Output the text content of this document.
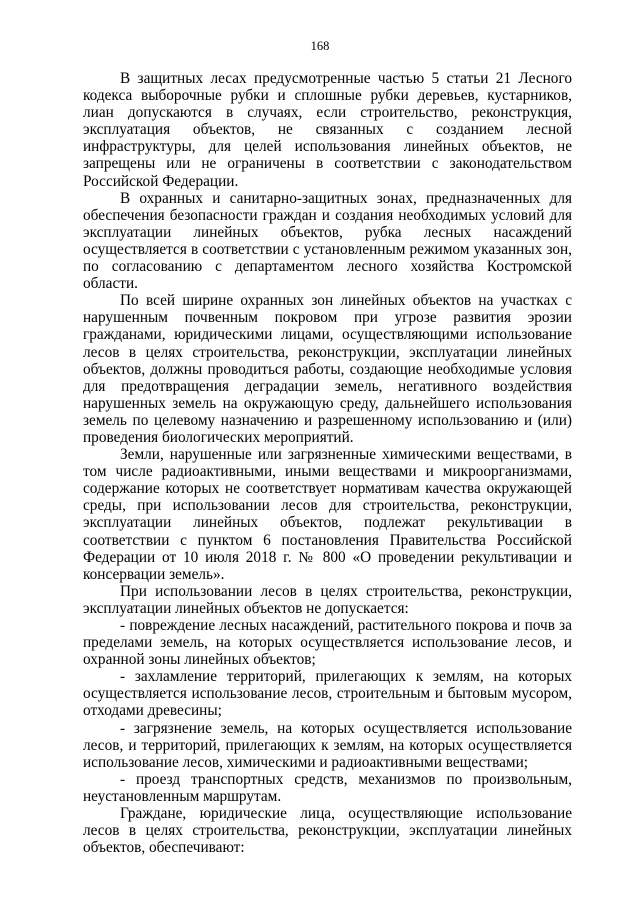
168

В защитных лесах предусмотренные частью 5 статьи 21 Лесного кодекса выборочные рубки и сплошные рубки деревьев, кустарников, лиан допускаются в случаях, если строительство, реконструкция, эксплуатация объектов, не связанных с созданием лесной инфраструктуры, для целей использования линейных объектов, не запрещены или не ограничены в соответствии с законодательством Российской Федерации.

В охранных и санитарно-защитных зонах, предназначенных для обеспечения безопасности граждан и создания необходимых условий для эксплуатации линейных объектов, рубка лесных насаждений осуществляется в соответствии с установленным режимом указанных зон, по согласованию с департаментом лесного хозяйства Костромской области.

По всей ширине охранных зон линейных объектов на участках с нарушенным почвенным покровом при угрозе развития эрозии гражданами, юридическими лицами, осуществляющими использование лесов в целях строительства, реконструкции, эксплуатации линейных объектов, должны проводиться работы, создающие необходимые условия для предотвращения деградации земель, негативного воздействия нарушенных земель на окружающую среду, дальнейшего использования земель по целевому назначению и разрешенному использованию и (или) проведения биологических мероприятий.

Земли, нарушенные или загрязненные химическими веществами, в том числе радиоактивными, иными веществами и микроорганизмами, содержание которых не соответствует нормативам качества окружающей среды, при использовании лесов для строительства, реконструкции, эксплуатации линейных объектов, подлежат рекультивации в соответствии с пунктом 6 постановления Правительства Российской Федерации от 10 июля 2018 г. № 800 «О проведении рекультивации и консервации земель».

При использовании лесов в целях строительства, реконструкции, эксплуатации линейных объектов не допускается:

- повреждение лесных насаждений, растительного покрова и почв за пределами земель, на которых осуществляется использование лесов, и охранной зоны линейных объектов;

- захламление территорий, прилегающих к землям, на которых осуществляется использование лесов, строительным и бытовым мусором, отходами древесины;

- загрязнение земель, на которых осуществляется использование лесов, и территорий, прилегающих к землям, на которых осуществляется использование лесов, химическими и радиоактивными веществами;

- проезд транспортных средств, механизмов по произвольным, неустановленным маршрутам.

Граждане, юридические лица, осуществляющие использование лесов в целях строительства, реконструкции, эксплуатации линейных объектов, обеспечивают:
